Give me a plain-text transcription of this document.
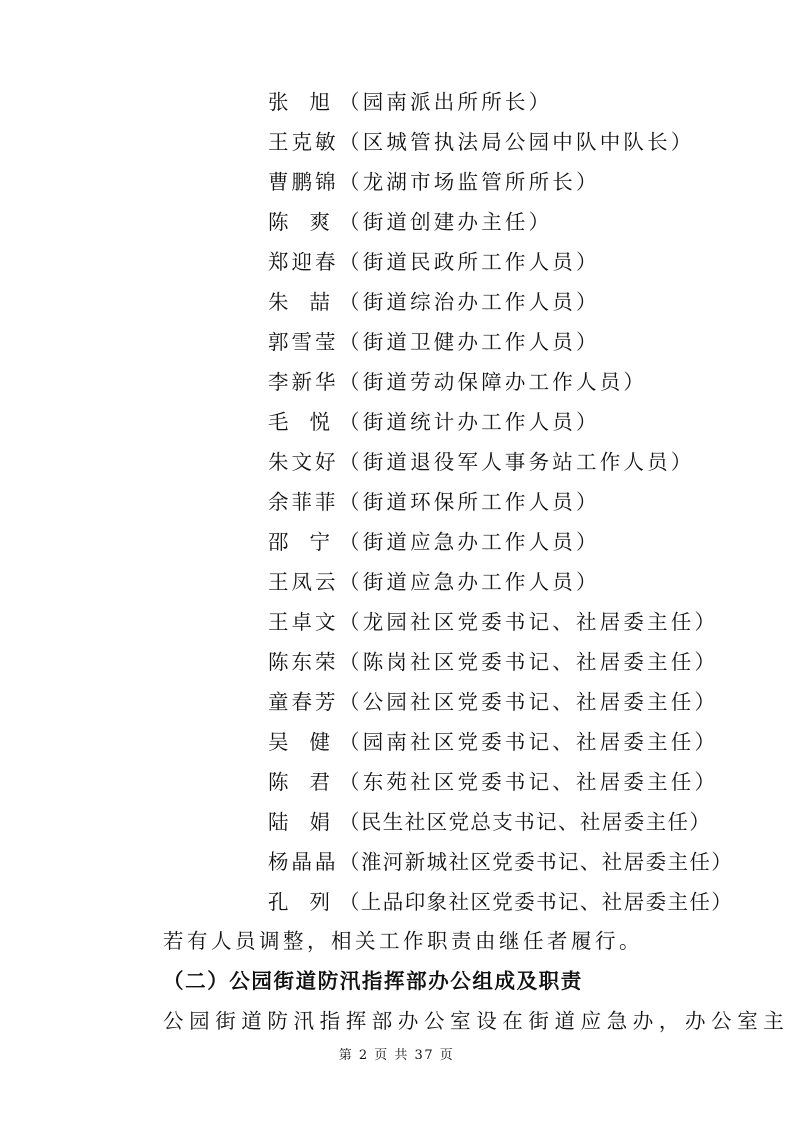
张旭 （园南派出所所长）
王克敏（区城管执法局公园中队中队长）
曹鹏锦（龙湖市场监管所所长）
陈爽 （街道创建办主任）
郑迎春（街道民政所工作人员）
朱喆 （街道综治办工作人员）
郭雪莹（街道卫健办工作人员）
李新华（街道劳动保障办工作人员）
毛悦 （街道统计办工作人员）
朱文好（街道退役军人事务站工作人员）
余菲菲（街道环保所工作人员）
邵宁 （街道应急办工作人员）
王凤云（街道应急办工作人员）
王卓文（龙园社区党委书记、社居委主任）
陈东荣（陈岗社区党委书记、社居委主任）
童春芳（公园社区党委书记、社居委主任）
吴健 （园南社区党委书记、社居委主任）
陈君 （东苑社区党委书记、社居委主任）
陆娟 （民生社区党总支书记、社居委主任）
杨晶晶（淮河新城社区党委书记、社居委主任）
孔列 （上品印象社区党委书记、社居委主任）
若有人员调整，相关工作职责由继任者履行。
（二）公园街道防汛指挥部办公组成及职责
公园街道防汛指挥部办公室设在街道应急办，办公室主
第 2 页 共 37 页
